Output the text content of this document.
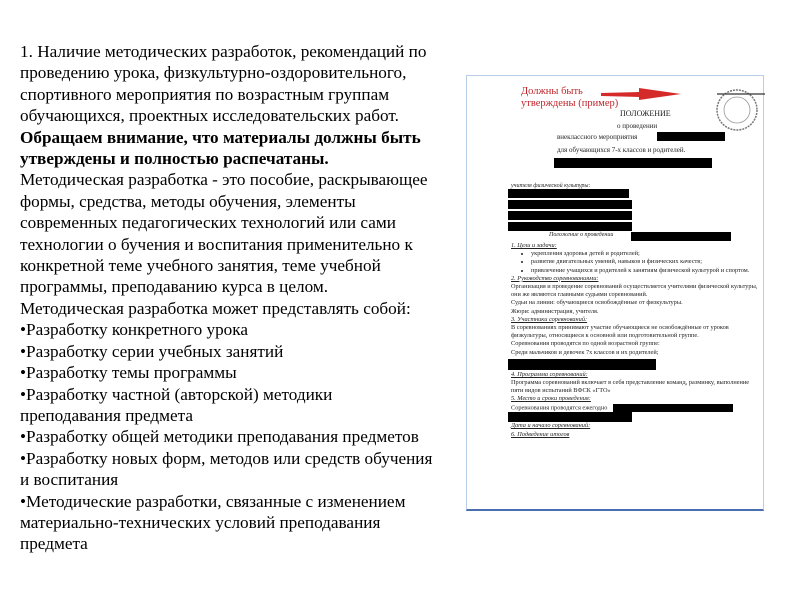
1. Наличие методических разработок, рекомендаций по
проведению урока, физкультурно-оздоровительного,
спортивного мероприятия по возрастным группам
обучающихся, проектных исследовательских работ.
Обращаем внимание, что материалы должны быть
утверждены и полностью распечатаны.
Методическая разработка - это пособие, раскрывающее
формы, средства, методы обучения, элементы
современных педагогических технологий или сами
технологии о бучения и воспитания применительно к
конкретной теме учебного занятия, теме учебной
программы, преподаванию курса в целом.
Методическая разработка может представлять собой:
•Разработку конкретного урока
•Разработку серии учебных занятий
•Разработку темы программы
•Разработку частной (авторской) методики
преподавания предмета
•Разработку общей методики преподавания предметов
•Разработку новых форм, методов или средств обучения
и воспитания
•Методические разработки, связанные с изменением
материально-технических условий преподавания
предмета
Должны быть
утверждены (пример)
ПОЛОЖЕНИЕ
о проведении
внеклассного мероприятия
для обучающихся 7-х классов и родителей.
учителя физической культуры:
Положение о проведении
1. Цели и задачи:
• укрепления здоровья детей и родителей;
• развитие двигательных умений, навыков и физических качеств;
• привлечение учащихся и родителей к занятиям физической культурой и спортом.
2. Руководство соревнованиями:
Организация и проведение соревнований осуществляется учителями физической культуры, они же являются главными судьями соревнований.
Судьи на линии: обучающиеся освобождённые от физкультуры.
Жюри: администрация, учителя.
3. Участники соревнований:
В соревнованиях принимают участие обучающиеся не освобождённые от уроков физкультуры, относящиеся к основной или подготовительной группе.
Соревнования проводятся по одной возрастной группе:
Среди мальчиков и девочек 7х классов и их родителей;
4. Программа соревнований:
Программа соревнований включает в себя представление команд, разминку, выполнение пяти видов испытаний ВФСК «ГТО»
5. Место и сроки проведения:
Соревнования проводятся ежегодно
Дата и начало соревнований:
6. Подведение итогов
